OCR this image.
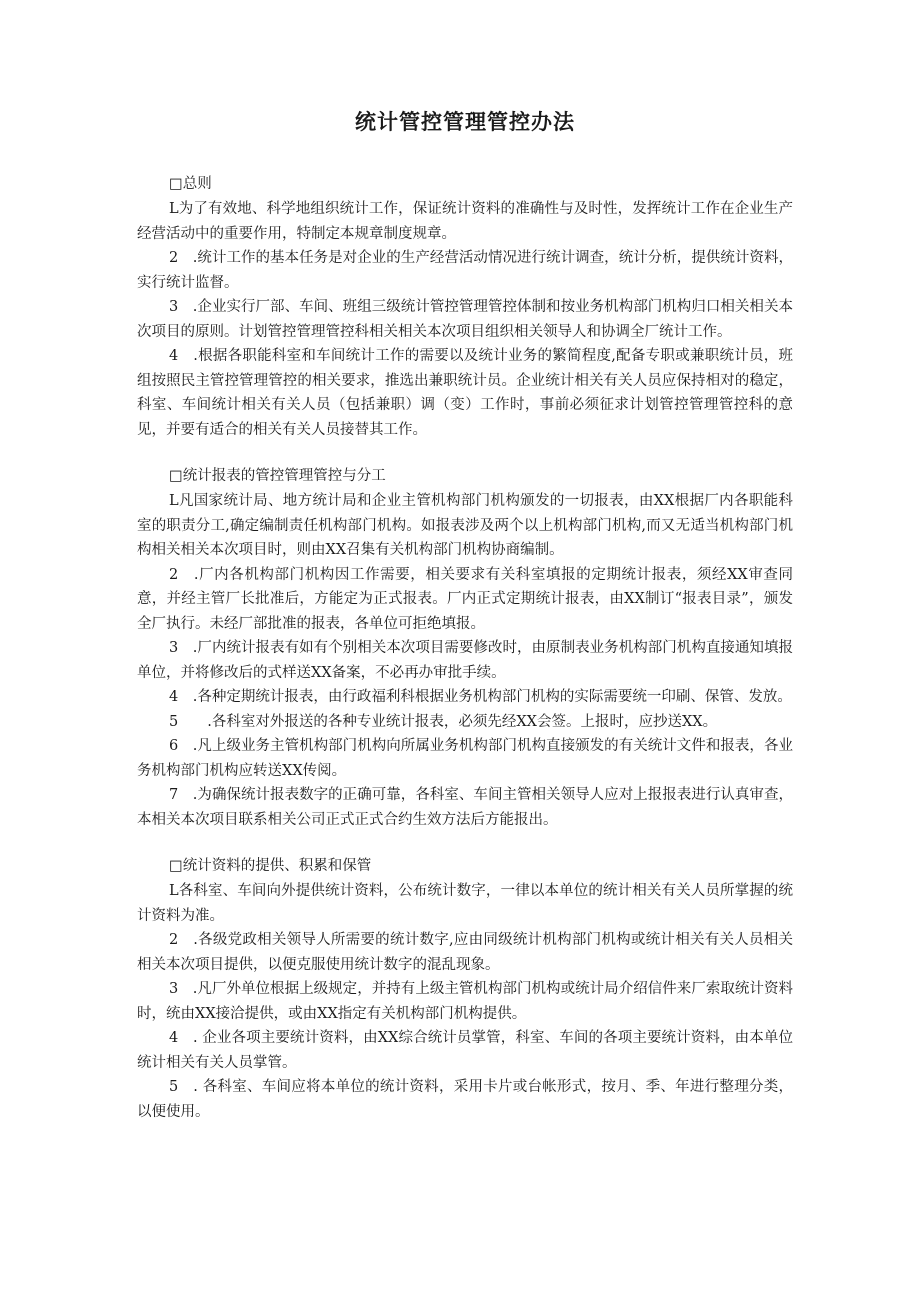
统计管控管理管控办法
□总则

L为了有效地、科学地组织统计工作，保证统计资料的准确性与及时性，发挥统计工作在企业生产经营活动中的重要作用，特制定本规章制度规章。

2　.统计工作的基本任务是对企业的生产经营活动情况进行统计调查，统计分析，提供统计资料，实行统计监督。

3　.企业实行厂部、车间、班组三级统计管控管理管控体制和按业务机构部门机构归口相关相关本次项目的原则。计划管控管理管控科相关相关本次项目组织相关领导人和协调全厂统计工作。

4　.根据各职能科室和车间统计工作的需要以及统计业务的繁简程度,配备专职或兼职统计员，班组按照民主管控管理管控的相关要求，推选出兼职统计员。企业统计相关有关人员应保持相对的稳定，科室、车间统计相关有关人员（包括兼职）调（变）工作时，事前必须征求计划管控管理管控科的意见，并要有适合的相关有关人员接替其工作。

□统计报表的管控管理管控与分工

L凡国家统计局、地方统计局和企业主管机构部门机构颁发的一切报表，由XX根据厂内各职能科室的职责分工,确定编制责任机构部门机构。如报表涉及两个以上机构部门机构,而又无适当机构部门机构相关相关本次项目时，则由XX召集有关机构部门机构协商编制。

2　.厂内各机构部门机构因工作需要，相关要求有关科室填报的定期统计报表，须经XX审查同意，并经主管厂长批准后，方能定为正式报表。厂内正式定期统计报表，由XX制订“报表目录”，颁发全厂执行。未经厂部批准的报表，各单位可拒绝填报。

3　.厂内统计报表有如有个别相关本次项目需要修改时，由原制表业务机构部门机构直接通知填报单位，并将修改后的式样送XX备案，不必再办审批手续。

4　.各种定期统计报表，由行政福利科根据业务机构部门机构的实际需要统一印刷、保管、发放。

5　　.各科室对外报送的各种专业统计报表，必须先经XX会签。上报时，应抄送XX。

6　.凡上级业务主管机构部门机构向所属业务机构部门机构直接颁发的有关统计文件和报表，各业务机构部门机构应转送XX传阅。

7　.为确保统计报表数字的正确可靠，各科室、车间主管相关领导人应对上报报表进行认真审查，本相关本次项目联系相关公司正式正式合约生效方法后方能报出。

□统计资料的提供、积累和保管

L各科室、车间向外提供统计资料，公布统计数字，一律以本单位的统计相关有关人员所掌握的统计资料为准。

2　.各级党政相关领导人所需要的统计数字,应由同级统计机构部门机构或统计相关有关人员相关相关本次项目提供，以便克服使用统计数字的混乱现象。

3　.凡厂外单位根据上级规定，并持有上级主管机构部门机构或统计局介绍信件来厂索取统计资料时，统由XX接洽提供，或由XX指定有关机构部门机构提供。

4　. 企业各项主要统计资料，由XX综合统计员掌管，科室、车间的各项主要统计资料，由本单位统计相关有关人员掌管。

5　. 各科室、车间应将本单位的统计资料，采用卡片或台帐形式，按月、季、年进行整理分类，以便使用。
